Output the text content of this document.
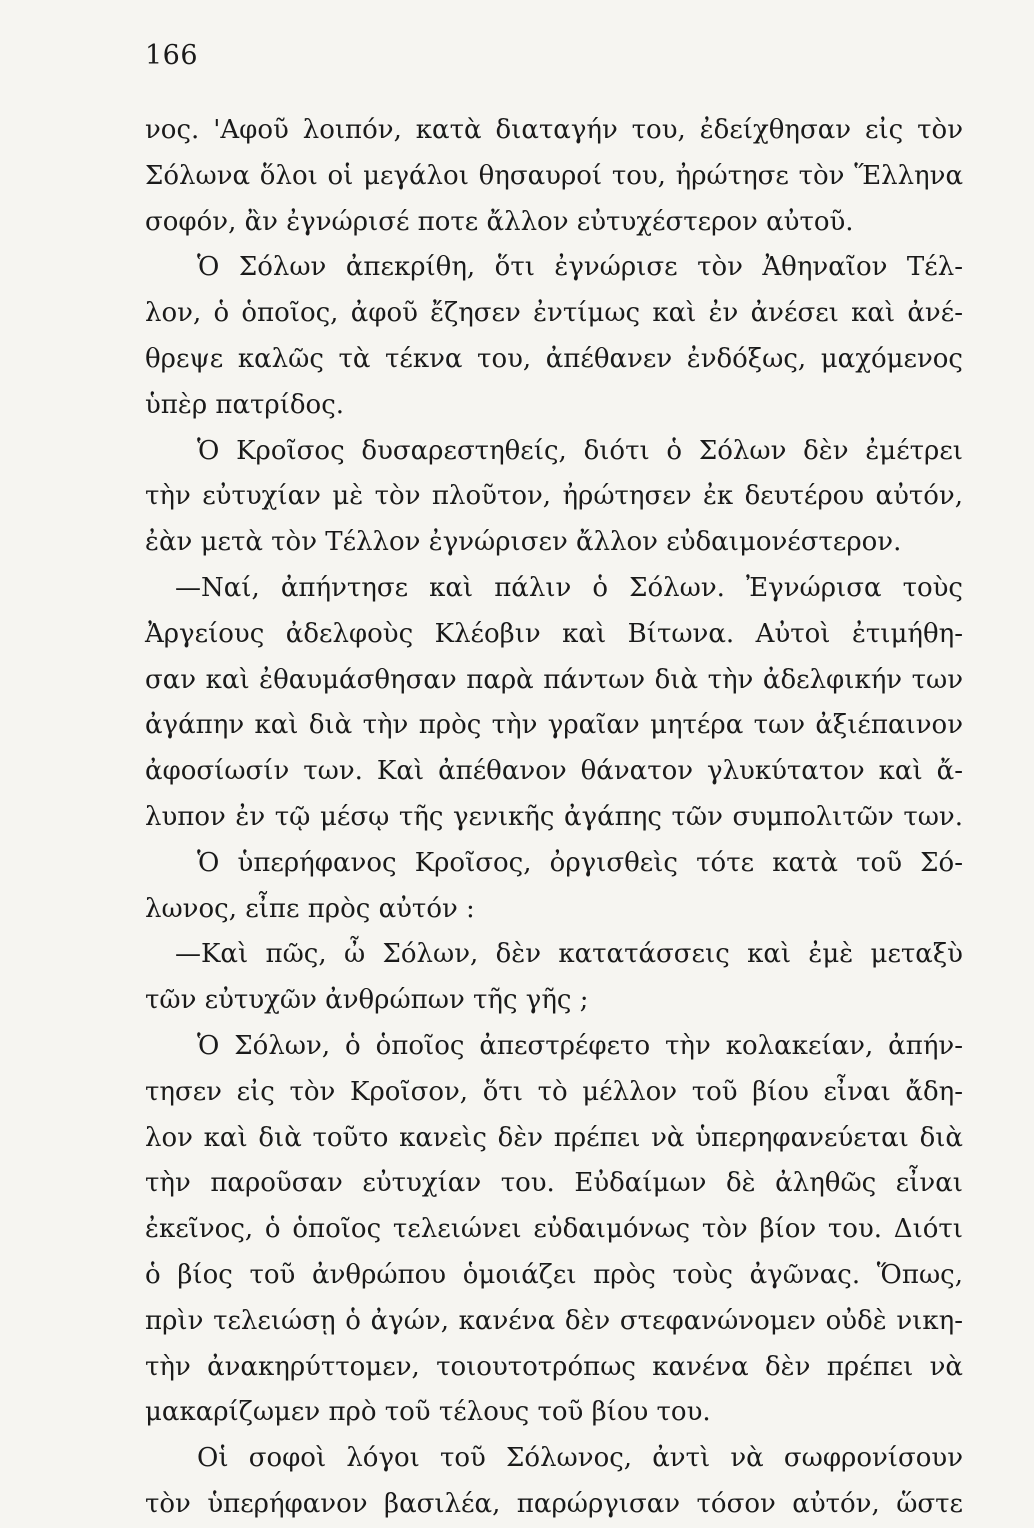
166
νος. 'Αφοῦ λοιπόν, κατὰ διαταγήν του, ἐδείχθησαν εἰς τὸν
Σόλωνα ὅλοι οἱ μεγάλοι θησαυροί του, ἠρώτησε τὸν Ἕλληνα
σοφόν, ἂν ἐγνώρισέ ποτε ἄλλον εὐτυχέστερον αὐτοῦ.
Ὁ Σόλων ἀπεκρίθη, ὅτι ἐγνώρισε τὸν Ἀθηναῖον Τέλ-
λον, ὁ ὁποῖος, ἀφοῦ ἔζησεν ἐντίμως καὶ ἐν ἀνέσει καὶ ἀνέ-
θρεψε καλῶς τὰ τέκνα του, ἀπέθανεν ἐνδόξως, μαχόμενος
ὑπὲρ πατρίδος.
Ὁ Κροῖσος δυσαρεστηθείς, διότι ὁ Σόλων δὲν ἐμέτρει
τὴν εὐτυχίαν μὲ τὸν πλοῦτον, ἠρώτησεν ἐκ δευτέρου αὐτόν,
ἐὰν μετὰ τὸν Τέλλον ἐγνώρισεν ἄλλον εὐδαιμονέστερον.
—Ναί, ἀπήντησε καὶ πάλιν ὁ Σόλων. Ἐγνώρισα τοὺς
Ἀργείους ἀδελφοὺς Κλέοβιν καὶ Βίτωνα. Αὐτοὶ ἐτιμήθη-
σαν καὶ ἐθαυμάσθησαν παρὰ πάντων διὰ τὴν ἀδελφικήν των
ἀγάπην καὶ διὰ τὴν πρὸς τὴν γραῖαν μητέρα των ἀξιέπαινον
ἀφοσίωσίν των. Καὶ ἀπέθανον θάνατον γλυκύτατον καὶ ἄ-
λυπον ἐν τῷ μέσῳ τῆς γενικῆς ἀγάπης τῶν συμπολιτῶν των.
Ὁ ὑπερήφανος Κροῖσος, ὀργισθεὶς τότε κατὰ τοῦ Σό-
λωνος, εἶπε πρὸς αὐτόν :
—Καὶ πῶς, ὦ Σόλων, δὲν κατατάσσεις καὶ ἐμὲ μεταξὺ
τῶν εὐτυχῶν ἀνθρώπων τῆς γῆς ;
Ὁ Σόλων, ὁ ὁποῖος ἀπεστρέφετο τὴν κολακείαν, ἀπήν-
τησεν εἰς τὸν Κροῖσον, ὅτι τὸ μέλλον τοῦ βίου εἶναι ἄδη-
λον καὶ διὰ τοῦτο κανεὶς δὲν πρέπει νὰ ὑπερηφανεύεται διὰ
τὴν παροῦσαν εὐτυχίαν του. Εὐδαίμων δὲ ἀληθῶς εἶναι
ἐκεῖνος, ὁ ὁποῖος τελειώνει εὐδαιμόνως τὸν βίον του. Διότι
ὁ βίος τοῦ ἀνθρώπου ὁμοιάζει πρὸς τοὺς ἀγῶνας. Ὅπως,
πρὶν τελειώσῃ ὁ ἀγών, κανένα δὲν στεφανώνομεν οὐδὲ νικη-
τὴν ἀνακηρύττομεν, τοιουτοτρόπως κανένα δὲν πρέπει νὰ
μακαρίζωμεν πρὸ τοῦ τέλους τοῦ βίου του.
Οἱ σοφοὶ λόγοι τοῦ Σόλωνος, ἀντὶ νὰ σωφρονίσουν
τὸν ὑπερήφανον βασιλέα, παρώργισαν τόσον αὐτόν, ὥστε
